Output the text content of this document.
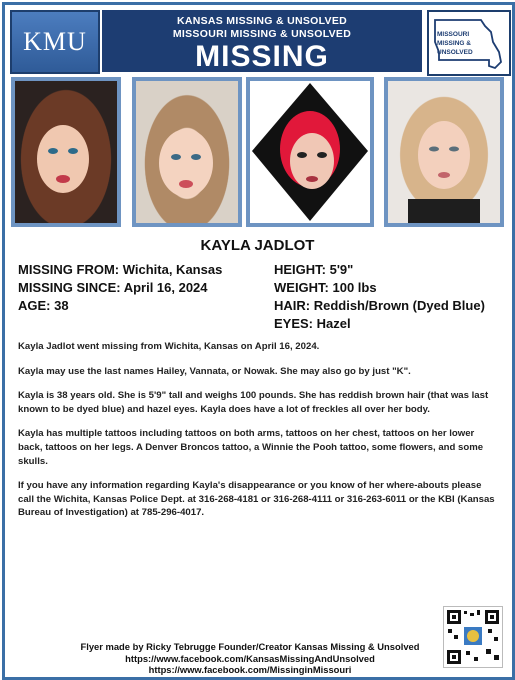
KMU
KANSAS MISSING & UNSOLVED
MISSOURI MISSING & UNSOLVED
MISSING
MISSOURI
MISSING &
UNSOLVED
KAYLA JADLOT
MISSING FROM: Wichita, Kansas
MISSING SINCE: April 16, 2024
AGE: 38
HEIGHT: 5'9"
WEIGHT: 100 lbs
HAIR: Reddish/Brown (Dyed Blue)
EYES: Hazel

Kayla Jadlot went missing from Wichita, Kansas on April 16, 2024.

Kayla may use the last names Hailey, Vannata, or Nowak. She may also go by just "K".

Kayla is 38 years old. She is 5'9" tall and weighs 100 pounds. She has reddish brown hair (that was last known to be dyed blue) and hazel eyes. Kayla does have a lot of freckles all over her body.

Kayla has multiple tattoos including tattoos on both arms, tattoos on her chest, tattoos on her lower back, tattoos on her legs. A Denver Broncos tattoo, a Winnie the Pooh tattoo, some flowers, and some skulls.

If you have any information regarding Kayla's disappearance or you know of her where-abouts please call the Wichita, Kansas Police Dept. at 316-268-4181 or 316-268-4111 or 316-263-6011 or the KBI (Kansas Bureau of Investigation) at 785-296-4017.

Flyer made by Ricky Tebrugge Founder/Creator Kansas Missing & Unsolved
https://www.facebook.com/KansasMissingAndUnsolved
https://www.facebook.com/MissinginMissouri
